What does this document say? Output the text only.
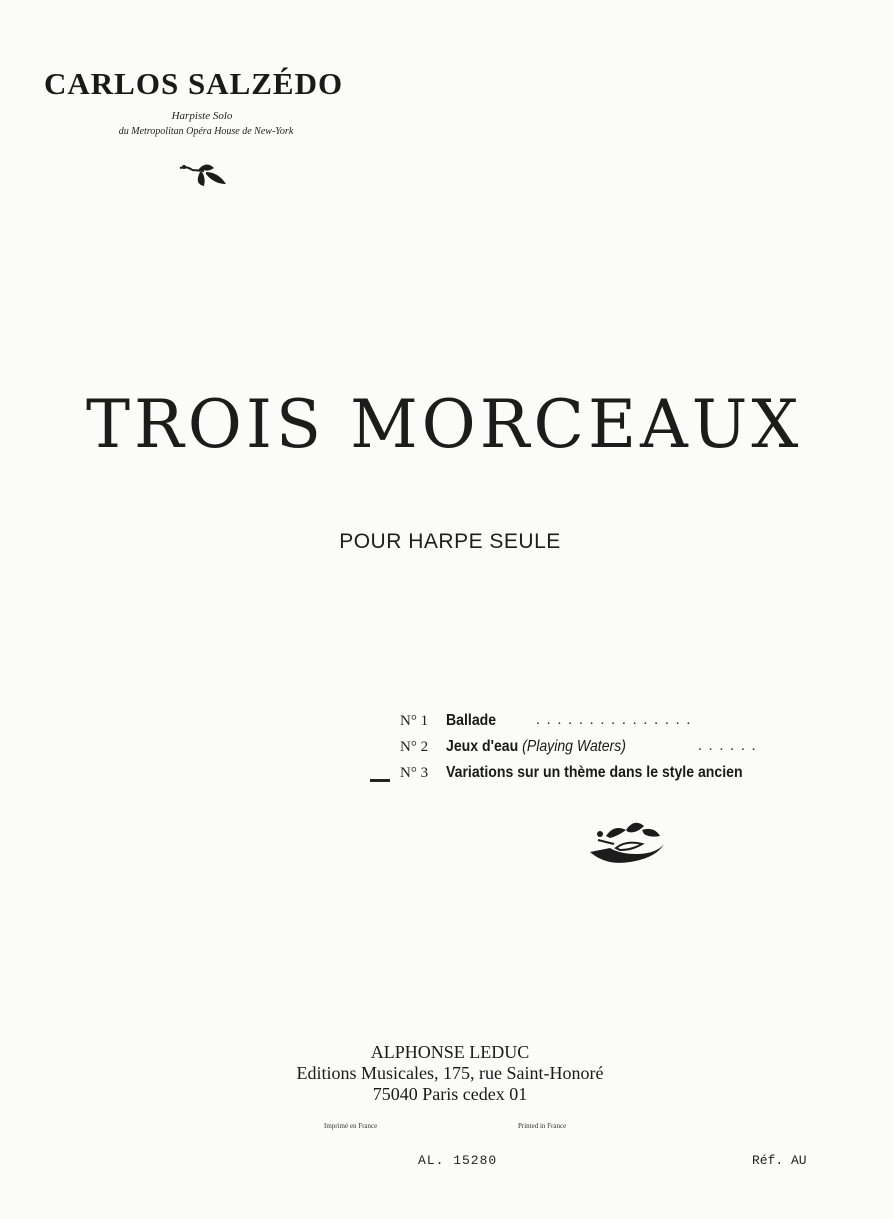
CARLOS SALZÉDO
Harpiste Solo
du Metropolitan Opéra House de New-York
TROIS MORCEAUX
POUR HARPE SEULE
N° 1 Ballade	...............
N° 2 Jeux d'eau (Playing Waters)	......
N° 3 Variations sur un thème dans le style ancien
ALPHONSE LEDUC
Editions Musicales, 175, rue Saint-Honoré
75040 Paris cedex 01
Imprimé en France	Printed in France
AL. 15280	Réf. AU
